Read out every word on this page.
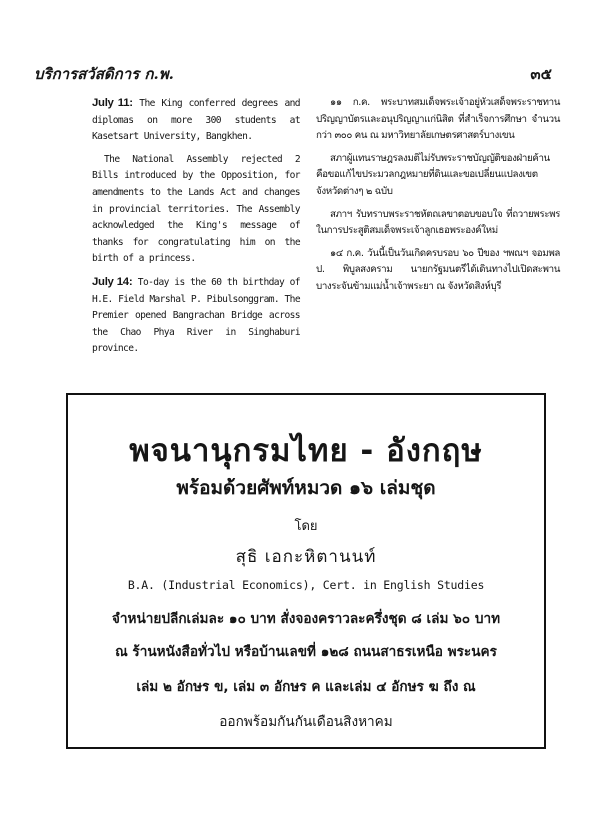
บริการสวัสดิการ ก.พ.	๓๕

July 11: The King conferred degrees and diplomas on more 300 students at Kasetsart University, Bangkhen.

The National Assembly rejected 2 Bills introduced by the Opposition, for amendments to the Lands Act and changes in provincial territories. The Assembly acknowledged the King's message of thanks for congratulating him on the birth of a princess.

July 14: To-day is the 60 th birthday of H.E. Field Marshal P. Pibulsonggram. The Premier opened Bangrachan Bridge across the Chao Phya River in Singhaburi province.

๑๑ ก.ค. พระบาทสมเด็จพระเจ้าอยู่หัวเสด็จพระราชทานปริญญาบัตรและอนุปริญญาแก่นิสิต ที่สำเร็จการศึกษา จำนวนกว่า ๓๐๐ คน ณ มหาวิทยาลัยเกษตรศาสตร์บางเขน

สภาผู้แทนราษฎรลงมติไม่รับพระราชบัญญัติของฝ่ายค้าน คือขอแก้ไขประมวลกฎหมายที่ดินและขอเปลี่ยนแปลงเขตจังหวัดต่างๆ ๒ ฉบับ

สภาฯ รับทราบพระราชหัตถเลขาตอบขอบใจ ที่ถวายพระพรในการประสูติสมเด็จพระเจ้าลูกเธอพระองค์ใหม่

๑๔ ก.ค. วันนี้เป็นวันเกิดครบรอบ ๖๐ ปีของ ฯพณฯ จอมพล ป. พิบูลสงคราม นายกรัฐมนตรีได้เดินทางไปเปิดสะพานบางระจันข้ามแม่น้ำเจ้าพระยา ณ จังหวัดสิงห์บุรี

พจนานุกรมไทย - อังกฤษ
พร้อมด้วยศัพท์หมวด ๑๖ เล่มชุด
โดย
สุธิ เอกะหิตานนท์
B.A. (Industrial Economics), Cert. in English Studies
จำหน่ายปลีกเล่มละ ๑๐ บาท สั่งจองคราวละครึ่งชุด ๘ เล่ม ๖๐ บาท
ณ ร้านหนังสือทั่วไป หรือบ้านเลขที่ ๑๒๘ ถนนสาธรเหนือ พระนคร
เล่ม ๒ อักษร ข, เล่ม ๓ อักษร ค และเล่ม ๔ อักษร ฆ ถึง ณ
ออกพร้อมกันกันเดือนสิงหาคม
